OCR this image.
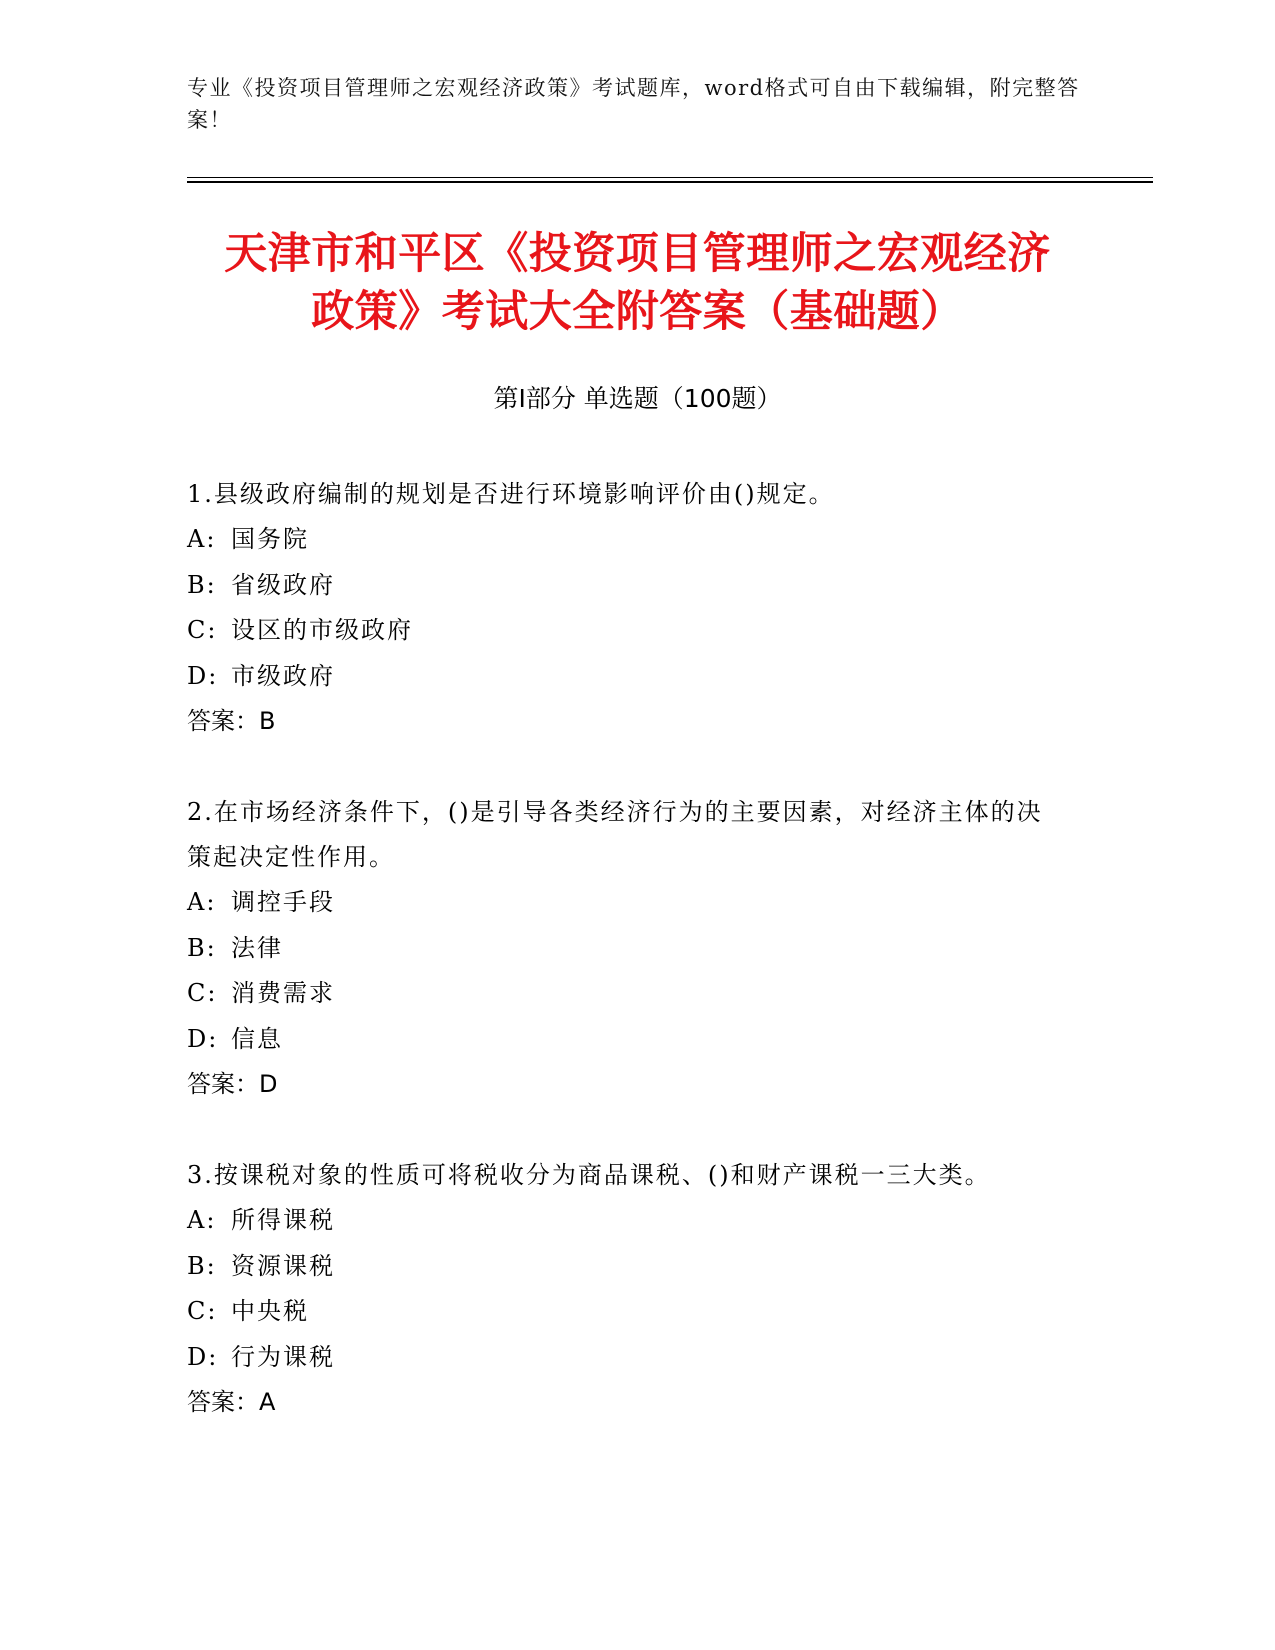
专业《投资项目管理师之宏观经济政策》考试题库，word格式可自由下载编辑，附完整答案！
天津市和平区《投资项目管理师之宏观经济
政策》考试大全附答案（基础题）
第I部分 单选题（100题）

1.县级政府编制的规划是否进行环境影响评价由()规定。

A: 国务院
B: 省级政府
C: 设区的市级政府
D: 市级政府

答案：B

2.在市场经济条件下，()是引导各类经济行为的主要因素，对经济主体的决策起决定性作用。

A: 调控手段
B: 法律
C: 消费需求
D: 信息

答案：D

3.按课税对象的性质可将税收分为商品课税、()和财产课税一三大类。

A: 所得课税
B: 资源课税
C: 中央税
D: 行为课税

答案：A
